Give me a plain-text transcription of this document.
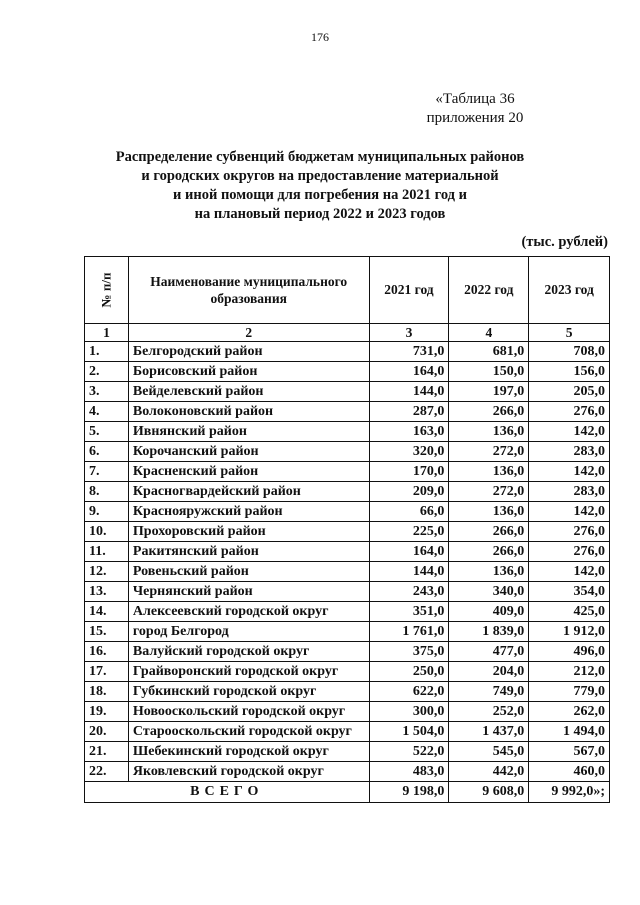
176
«Таблица 36
приложения 20
Распределение субвенций бюджетам муниципальных районов
и городских округов на предоставление материальной
и иной помощи для погребения на 2021 год и
на плановый период 2022 и 2023 годов
(тыс. рублей)
№ п/п	Наименование муниципального образования	2021 год	2022 год	2023 год
1	2	3	4	5
1.	Белгородский район	731,0	681,0	708,0
2.	Борисовский район	164,0	150,0	156,0
3.	Вейделевский район	144,0	197,0	205,0
4.	Волоконовский район	287,0	266,0	276,0
5.	Ивнянский район	163,0	136,0	142,0
6.	Корочанский район	320,0	272,0	283,0
7.	Красненский район	170,0	136,0	142,0
8.	Красногвардейский район	209,0	272,0	283,0
9.	Краснояружский район	66,0	136,0	142,0
10.	Прохоровский район	225,0	266,0	276,0
11.	Ракитянский район	164,0	266,0	276,0
12.	Ровеньский район	144,0	136,0	142,0
13.	Чернянский район	243,0	340,0	354,0
14.	Алексеевский городской округ	351,0	409,0	425,0
15.	город Белгород	1 761,0	1 839,0	1 912,0
16.	Валуйский городской округ	375,0	477,0	496,0
17.	Грайворонский городской округ	250,0	204,0	212,0
18.	Губкинский городской округ	622,0	749,0	779,0
19.	Новооскольский городской округ	300,0	252,0	262,0
20.	Старооскольский городской округ	1 504,0	1 437,0	1 494,0
21.	Шебекинский городской округ	522,0	545,0	567,0
22.	Яковлевский городской округ	483,0	442,0	460,0
ВСЕГО		9 198,0	9 608,0	9 992,0»;
